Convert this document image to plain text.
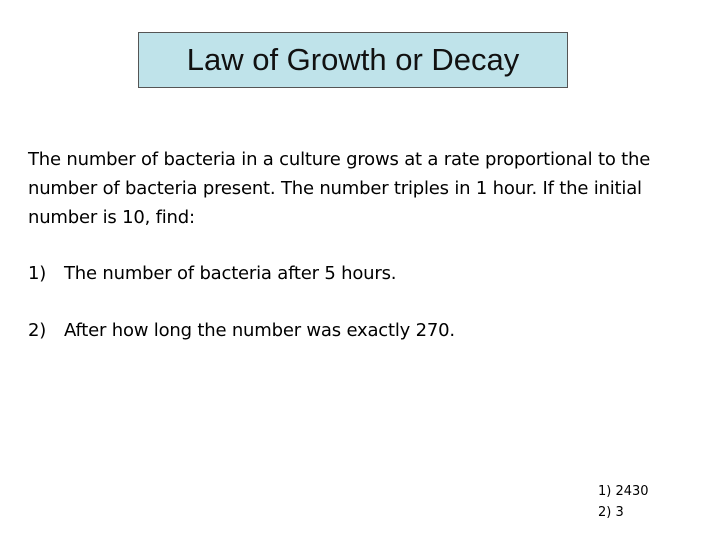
Law of Growth or Decay

The number of bacteria in a culture grows at a rate proportional to the number of bacteria present. The number triples in 1 hour. If the initial number is 10, find:

1) The number of bacteria after 5 hours.
2) After how long the number was exactly 270.
1) 2430
2) 3
